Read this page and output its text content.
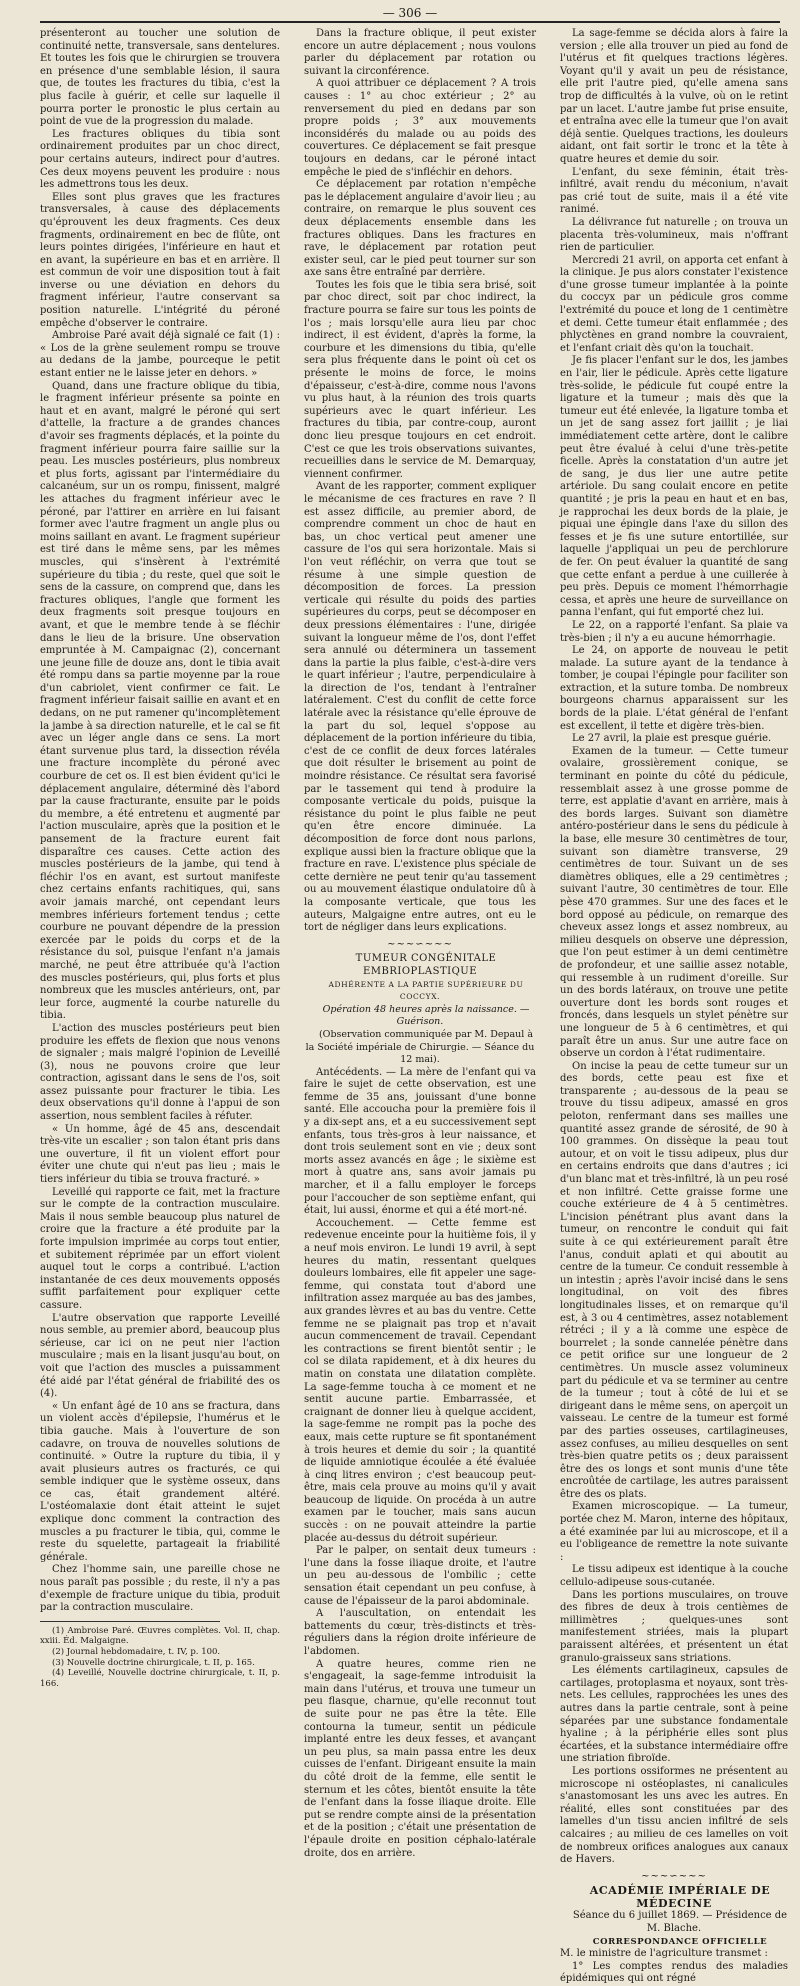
— 306 —

présenteront au toucher une solution de continuité nette, transversale, sans dentelures. Et toutes les fois que le chirurgien se trouvera en présence d'une semblable lésion, il saura que, de toutes les fractures du tibia, c'est la plus facile à guérir, et celle sur laquelle il pourra porter le pronostic le plus certain au point de vue de la progression du malade.

Les fractures obliques du tibia sont ordinairement produites par un choc direct, pour certains auteurs, indirect pour d'autres. Ces deux moyens peuvent les produire : nous les admettrons tous les deux.

Elles sont plus graves que les fractures transversales, à cause des déplacements qu'éprouvent les deux fragments. Ces deux fragments, ordinairement en bec de flûte, ont leurs pointes dirigées, l'inférieure en haut et en avant, la supérieure en bas et en arrière. Il est commun de voir une disposition tout à fait inverse ou une déviation en dehors du fragment inférieur, l'autre conservant sa position naturelle. L'intégrité du péroné empêche d'observer le contraire.

Ambroise Paré avait déjà signalé ce fait (1) : « Los de la grène seulement rompu se trouve au dedans de la jambe, pourceque le petit estant entier ne le laisse jeter en dehors. »

Quand, dans une fracture oblique du tibia, le fragment inférieur présente sa pointe en haut et en avant, malgré le péroné qui sert d'attelle, la fracture a de grandes chances d'avoir ses fragments déplacés, et la pointe du fragment inférieur pourra faire saillie sur la peau. Les muscles postérieurs, plus nombreux et plus forts, agissant par l'intermédiaire du calcanéum, sur un os rompu, finissent, malgré les attaches du fragment inférieur avec le péroné, par l'attirer en arrière en lui faisant former avec l'autre fragment un angle plus ou moins saillant en avant. Le fragment supérieur est tiré dans le même sens, par les mêmes muscles, qui s'insèrent à l'extrémité supérieure du tibia ; du reste, quel que soit le sens de la cassure, on comprend que, dans les fractures obliques, l'angle que forment les deux fragments soit presque toujours en avant, et que le membre tende à se fléchir dans le lieu de la brisure. Une observation empruntée à M. Campaignac (2), concernant une jeune fille de douze ans, dont le tibia avait été rompu dans sa partie moyenne par la roue d'un cabriolet, vient confirmer ce fait. Le fragment inférieur faisait saillie en avant et en dedans, on ne put ramener qu'incomplètement la jambe à sa direction naturelle, et le cal se fit avec un léger angle dans ce sens. La mort étant survenue plus tard, la dissection révéla une fracture incomplète du péroné avec courbure de cet os. Il est bien évident qu'ici le déplacement angulaire, déterminé dès l'abord par la cause fracturante, ensuite par le poids du membre, a été entretenu et augmenté par l'action musculaire, après que la position et le pansement de la fracture eurent fait disparaître ces causes. Cette action des muscles postérieurs de la jambe, qui tend à fléchir l'os en avant, est surtout manifeste chez certains enfants rachitiques, qui, sans avoir jamais marché, ont cependant leurs membres inférieurs fortement tendus ; cette courbure ne pouvant dépendre de la pression exercée par le poids du corps et de la résistance du sol, puisque l'enfant n'a jamais marché, ne peut être attribuée qu'à l'action des muscles postérieurs, qui, plus forts et plus nombreux que les muscles antérieurs, ont, par leur force, augmenté la courbe naturelle du tibia.

L'action des muscles postérieurs peut bien produire les effets de flexion que nous venons de signaler ; mais malgré l'opinion de Leveillé (3), nous ne pouvons croire que leur contraction, agissant dans le sens de l'os, soit assez puissante pour fracturer le tibia. Les deux observations qu'il donne à l'appui de son assertion, nous semblent faciles à réfuter.

« Un homme, âgé de 45 ans, descendait très-vite un escalier ; son talon étant pris dans une ouverture, il fit un violent effort pour éviter une chute qui n'eut pas lieu ; mais le tiers inférieur du tibia se trouva fracturé. »

Leveillé qui rapporte ce fait, met la fracture sur le compte de la contraction musculaire. Mais il nous semble beaucoup plus naturel de croire que la fracture a été produite par la forte impulsion imprimée au corps tout entier, et subitement réprimée par un effort violent auquel tout le corps a contribué. L'action instantanée de ces deux mouvements opposés suffit parfaitement pour expliquer cette cassure.

L'autre observation que rapporte Leveillé nous semble, au premier abord, beaucoup plus sérieuse, car ici on ne peut nier l'action musculaire ; mais en la lisant jusqu'au bout, on voit que l'action des muscles a puissamment été aidé par l'état général de friabilité des os (4).

« Un enfant âgé de 10 ans se fractura, dans un violent accès d'épilepsie, l'humérus et le tibia gauche. Mais à l'ouverture de son cadavre, on trouva de nouvelles solutions de continuité. » Outre la rupture du tibia, il y avait plusieurs autres os fracturés, ce qui semble indiquer que le système osseux, dans ce cas, était grandement altéré. L'ostéomalaxie dont était atteint le sujet explique donc comment la contraction des muscles a pu fracturer le tibia, qui, comme le reste du squelette, partageait la friabilité générale.

Chez l'homme sain, une pareille chose ne nous paraît pas possible ; du reste, il n'y a pas d'exemple de fracture unique du tibia, produit par la contraction musculaire.

(1) Ambroise Paré. Œuvres complètes. Vol. II, chap. xxiii. Éd. Malgaigne.

(2) Journal hebdomadaire, t. IV, p. 100.

(3) Nouvelle doctrine chirurgicale, t. II, p. 165.

(4) Leveillé, Nouvelle doctrine chirurgicale, t. II, p. 166.

Dans la fracture oblique, il peut exister encore un autre déplacement ; nous voulons parler du déplacement par rotation ou suivant la circonférence.

A quoi attribuer ce déplacement ? A trois causes : 1° au choc extérieur ; 2° au renversement du pied en dedans par son propre poids ; 3° aux mouvements inconsidérés du malade ou au poids des couvertures. Ce déplacement se fait presque toujours en dedans, car le péroné intact empêche le pied de s'infléchir en dehors.

Ce déplacement par rotation n'empêche pas le déplacement angulaire d'avoir lieu ; au contraire, on remarque le plus souvent ces deux déplacements ensemble dans les fractures obliques. Dans les fractures en rave, le déplacement par rotation peut exister seul, car le pied peut tourner sur son axe sans être entraîné par derrière.

Toutes les fois que le tibia sera brisé, soit par choc direct, soit par choc indirect, la fracture pourra se faire sur tous les points de l'os ; mais lorsqu'elle aura lieu par choc indirect, il est évident, d'après la forme, la courbure et les dimensions du tibia, qu'elle sera plus fréquente dans le point où cet os présente le moins de force, le moins d'épaisseur, c'est-à-dire, comme nous l'avons vu plus haut, à la réunion des trois quarts supérieurs avec le quart inférieur. Les fractures du tibia, par contre-coup, auront donc lieu presque toujours en cet endroit. C'est ce que les trois observations suivantes, recueillies dans le service de M. Demarquay, viennent confirmer.

Avant de les rapporter, comment expliquer le mécanisme de ces fractures en rave ? Il est assez difficile, au premier abord, de comprendre comment un choc de haut en bas, un choc vertical peut amener une cassure de l'os qui sera horizontale. Mais si l'on veut réfléchir, on verra que tout se résume à une simple question de décomposition de forces. La pression verticale qui résulte du poids des parties supérieures du corps, peut se décomposer en deux pressions élémentaires : l'une, dirigée suivant la longueur même de l'os, dont l'effet sera annulé ou déterminera un tassement dans la partie la plus faible, c'est-à-dire vers le quart inférieur ; l'autre, perpendiculaire à la direction de l'os, tendant à l'entraîner latéralement. C'est du conflit de cette force latérale avec la résistance qu'elle éprouve de la part du sol, lequel s'oppose au déplacement de la portion inférieure du tibia, c'est de ce conflit de deux forces latérales que doit résulter le brisement au point de moindre résistance. Ce résultat sera favorisé par le tassement qui tend à produire la composante verticale du poids, puisque la résistance du point le plus faible ne peut qu'en être encore diminuée. La décomposition de force dont nous parlons, explique aussi bien la fracture oblique que la fracture en rave. L'existence plus spéciale de cette dernière ne peut tenir qu'au tassement ou au mouvement élastique ondulatoire dû à la composante verticale, que tous les auteurs, Malgaigne entre autres, ont eu le tort de négliger dans leurs explications.

~~~∽~~~

TUMEUR CONGÉNITALE EMBRIOPLASTIQUE

ADHÉRENTE A LA PARTIE SUPÉRIEURE DU COCCYX.

Opération 48 heures après la naissance. — Guérison.

(Observation communiquée par M. Depaul à la Société impériale de Chirurgie. — Séance du 12 mai).

Antécédents. — La mère de l'enfant qui va faire le sujet de cette observation, est une femme de 35 ans, jouissant d'une bonne santé. Elle accoucha pour la première fois il y a dix-sept ans, et a eu successivement sept enfants, tous très-gros à leur naissance, et dont trois seulement sont en vie ; deux sont morts assez avancés en âge ; le sixième est mort à quatre ans, sans avoir jamais pu marcher, et il a fallu employer le forceps pour l'accoucher de son septième enfant, qui était, lui aussi, énorme et qui a été mort-né.

Accouchement. — Cette femme est redevenue enceinte pour la huitième fois, il y a neuf mois environ. Le lundi 19 avril, à sept heures du matin, ressentant quelques douleurs lombaires, elle fit appeler une sage-femme, qui constata tout d'abord une infiltration assez marquée au bas des jambes, aux grandes lèvres et au bas du ventre. Cette femme ne se plaignait pas trop et n'avait aucun commencement de travail. Cependant les contractions se firent bientôt sentir ; le col se dilata rapidement, et à dix heures du matin on constata une dilatation complète. La sage-femme toucha à ce moment et ne sentit aucune partie. Embarrassée, et craignant de donner lieu à quelque accident, la sage-femme ne rompit pas la poche des eaux, mais cette rupture se fit spontanément à trois heures et demie du soir ; la quantité de liquide amniotique écoulée a été évaluée à cinq litres environ ; c'est beaucoup peut-être, mais cela prouve au moins qu'il y avait beaucoup de liquide. On procéda à un autre examen par le toucher, mais sans aucun succès : on ne pouvait atteindre la partie placée au-dessus du détroit supérieur.

Par le palper, on sentait deux tumeurs : l'une dans la fosse iliaque droite, et l'autre un peu au-dessous de l'ombilic ; cette sensation était cependant un peu confuse, à cause de l'épaisseur de la paroi abdominale.

A l'auscultation, on entendait les battements du cœur, très-distincts et très-réguliers dans la région droite inférieure de l'abdomen.

A quatre heures, comme rien ne s'engageait, la sage-femme introduisit la main dans l'utérus, et trouva une tumeur un peu flasque, charnue, qu'elle reconnut tout de suite pour ne pas être la tête. Elle contourna la tumeur, sentit un pédicule implanté entre les deux fesses, et avançant un peu plus, sa main passa entre les deux cuisses de l'enfant. Dirigeant ensuite la main du côté droit de la femme, elle sentit le sternum et les côtes, bientôt ensuite la tête de l'enfant dans la fosse iliaque droite. Elle put se rendre compte ainsi de la présentation et de la position ; c'était une présentation de l'épaule droite en position céphalo-latérale droite, dos en arrière.

La sage-femme se décida alors à faire la version ; elle alla trouver un pied au fond de l'utérus et fit quelques tractions légères. Voyant qu'il y avait un peu de résistance, elle prit l'autre pied, qu'elle amena sans trop de difficultés à la vulve, où on le retint par un lacet. L'autre jambe fut prise ensuite, et entraîna avec elle la tumeur que l'on avait déjà sentie. Quelques tractions, les douleurs aidant, ont fait sortir le tronc et la tête à quatre heures et demie du soir.

L'enfant, du sexe féminin, était très-infiltré, avait rendu du méconium, n'avait pas crié tout de suite, mais il a été vite ranimé.

La délivrance fut naturelle ; on trouva un placenta très-volumineux, mais n'offrant rien de particulier.

Mercredi 21 avril, on apporta cet enfant à la clinique. Je pus alors constater l'existence d'une grosse tumeur implantée à la pointe du coccyx par un pédicule gros comme l'extrémité du pouce et long de 1 centimètre et demi. Cette tumeur était enflammée ; des phlyctènes en grand nombre la couvraient, et l'enfant criait dès qu'on la touchait.

Je fis placer l'enfant sur le dos, les jambes en l'air, lier le pédicule. Après cette ligature très-solide, le pédicule fut coupé entre la ligature et la tumeur ; mais dès que la tumeur eut été enlevée, la ligature tomba et un jet de sang assez fort jaillit ; je liai immédiatement cette artère, dont le calibre peut être évalué à celui d'une très-petite ficelle. Après la constatation d'un autre jet de sang, je dus lier une autre petite artériole. Du sang coulait encore en petite quantité ; je pris la peau en haut et en bas, je rapprochai les deux bords de la plaie, je piquai une épingle dans l'axe du sillon des fesses et je fis une suture entortillée, sur laquelle j'appliquai un peu de perchlorure de fer. On peut évaluer la quantité de sang que cette enfant a perdue à une cuillerée à peu près. Depuis ce moment l'hémorrhagie cessa, et après une heure de surveillance on panna l'enfant, qui fut emporté chez lui.

Le 22, on a rapporté l'enfant. Sa plaie va très-bien ; il n'y a eu aucune hémorrhagie.

Le 24, on apporte de nouveau le petit malade. La suture ayant de la tendance à tomber, je coupai l'épingle pour faciliter son extraction, et la suture tomba. De nombreux bourgeons charnus apparaissent sur les bords de la plaie. L'état général de l'enfant est excellent, il tette et digère très-bien.

Le 27 avril, la plaie est presque guérie.

Examen de la tumeur. — Cette tumeur ovalaire, grossièrement conique, se terminant en pointe du côté du pédicule, ressemblait assez à une grosse pomme de terre, est applatie d'avant en arrière, mais à des bords larges. Suivant son diamètre antéro-postérieur dans le sens du pédicule à la base, elle mesure 30 centimètres de tour, suivant son diamètre transverse, 29 centimètres de tour. Suivant un de ses diamètres obliques, elle a 29 centimètres ; suivant l'autre, 30 centimètres de tour. Elle pèse 470 grammes. Sur une des faces et le bord opposé au pédicule, on remarque des cheveux assez longs et assez nombreux, au milieu desquels on observe une dépression, que l'on peut estimer à un demi centimètre de profondeur, et une saillie assez notable, qui ressemble à un rudiment d'oreille. Sur un des bords latéraux, on trouve une petite ouverture dont les bords sont rouges et froncés, dans lesquels un stylet pénètre sur une longueur de 5 à 6 centimètres, et qui paraît être un anus. Sur une autre face on observe un cordon à l'état rudimentaire.

On incise la peau de cette tumeur sur un des bords, cette peau est fixe et transparente ; au-dessous de la peau se trouve du tissu adipeux, amassé en gros peloton, renfermant dans ses mailles une quantité assez grande de sérosité, de 90 à 100 grammes. On dissèque la peau tout autour, et on voit le tissu adipeux, plus dur en certains endroits que dans d'autres ; ici d'un blanc mat et très-infiltré, là un peu rosé et non infiltré. Cette graisse forme une couche extérieure de 4 à 5 centimètres. L'incision pénétrant plus avant dans la tumeur, on rencontre le conduit qui fait suite à ce qui extérieurement paraît être l'anus, conduit aplati et qui aboutit au centre de la tumeur. Ce conduit ressemble à un intestin ; après l'avoir incisé dans le sens longitudinal, on voit des fibres longitudinales lisses, et on remarque qu'il est, à 3 ou 4 centimètres, assez notablement rétréci ; il y a là comme une espèce de bourrelet ; la sonde cannelée pénètre dans ce petit orifice sur une longueur de 2 centimètres. Un muscle assez volumineux part du pédicule et va se terminer au centre de la tumeur ; tout à côté de lui et se dirigeant dans le même sens, on aperçoit un vaisseau. Le centre de la tumeur est formé par des parties osseuses, cartilagineuses, assez confuses, au milieu desquelles on sent très-bien quatre petits os ; deux paraissent être des os longs et sont munis d'une tête encroûtée de cartilage, les autres paraissent être des os plats.

Examen microscopique. — La tumeur, portée chez M. Maron, interne des hôpitaux, a été examinée par lui au microscope, et il a eu l'obligeance de remettre la note suivante :

Le tissu adipeux est identique à la couche cellulo-adipeuse sous-cutanée.

Dans les portions musculaires, on trouve des fibres de deux à trois centièmes de millimètres ; quelques-unes sont manifestement striées, mais la plupart paraissent altérées, et présentent un état granulo-graisseux sans striations.

Les éléments cartilagineux, capsules de cartilages, protoplasma et noyaux, sont très-nets. Les cellules, rapprochées les unes des autres dans la partie centrale, sont à peine séparées par une substance fondamentale hyaline ; à la périphérie elles sont plus écartées, et la substance intermédiaire offre une striation fibroïde.

Les portions ossiformes ne présentent au microscope ni ostéoplastes, ni canalicules s'anastomosant les uns avec les autres. En réalité, elles sont constituées par des lamelles d'un tissu ancien infiltré de sels calcaires ; au milieu de ces lamelles on voit de nombreux orifices analogues aux canaux de Havers.

~~~∽~~~

ACADÉMIE IMPÉRIALE DE MÉDECINE

Séance du 6 juillet 1869. — Présidence de M. Blache.

CORRESPONDANCE OFFICIELLE

M. le ministre de l'agriculture transmet :

1° Les comptes rendus des maladies épidémiques qui ont régné
